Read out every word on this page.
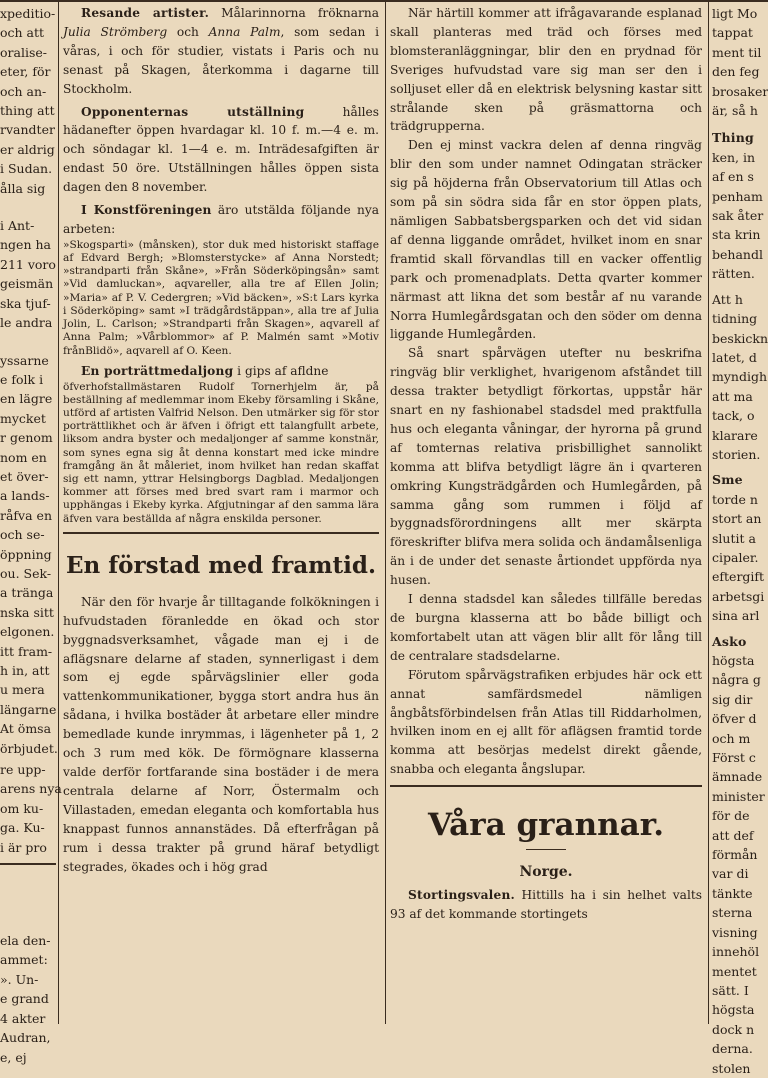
xpeditio-

och att

oralise-

eter, för

och an-

thing att

rvandter

er aldrig

i Sudan.

ålla sig

i Ant-

ngen ha

211 voro

geismän

ska tjuf-

le andra

yssarne

e folk i

en lägre

mycket

r genom

nom en

et över-

a lands-

råfva en

och se-

öppning

ou. Sek-

a tränga

nska sitt

elgonen.

itt fram-

h in, att

u mera

längarne

At ömsa

örbjudet.

re upp-

arens nya

om ku-

ga. Ku-

i är pro

ela den-

ammet:

». Un-

e grand

4 akter

Audran,

e, ej

Resande artister. Målarinnorna fröknarna Julia Strömberg och Anna Palm, som sedan i våras, i och för studier, vistats i Paris och nu senast på Skagen, återkomma i dagarne till Stockholm.

Opponenternas utställning hålles hädanefter öppen hvardagar kl. 10 f. m.—4 e. m. och söndagar kl. 1—4 e. m. Inträdesafgiften är endast 50 öre. Utställningen hålles öppen sista dagen den 8 november.

I Konstföreningen äro utstälda följande nya arbeten:

»Skogsparti» (månsken), stor duk med historiskt staffage af Edvard Bergh; »Blomsterstycke» af Anna Norstedt; »strandparti från Skåne», »Från Söderköpingsån» samt »Vid damluckan», aqvareller, alla tre af Ellen Jolin; »Maria» af P. V. Cedergren; »Vid bäcken», »S:t Lars kyrka i Söderköping» samt »I trädgårdstäppan», alla tre af Julia Jolin, L. Carlson; »Strandparti från Skagen», aqvarell af Anna Palm; »Vårblommor» af P. Malmén samt »Motiv frånBlidö», aqvarell af O. Keen.

En porträttmedaljong i gips af afldne

öfverhofstallmästaren Rudolf Tornerhjelm är, på beställning af medlemmar inom Ekeby församling i Skåne, utförd af artisten Valfrid Nelson. Den utmärker sig för stor porträttlikhet och är äfven i öfrigt ett talangfullt arbete, liksom andra byster och medaljonger af samme konstnär, som synes egna sig åt denna konstart med icke mindre framgång än åt måleriet, inom hvilket han redan skaffat sig ett namn, yttrar Helsingborgs Dagblad. Medaljongen kommer att förses med bred svart ram i marmor och upphängas i Ekeby kyrka. Afgjutningar af den samma lära äfven vara beställda af några enskilda personer.

En förstad med framtid.

När den för hvarje år tilltagande folkökningen i hufvudstaden föranledde en ökad och stor byggnadsverksamhet, vågade man ej i de aflägsnare delarne af staden, synnerligast i dem som ej egde spårvägslinier eller goda vattenkommunikationer, bygga stort andra hus än sådana, i hvilka bostäder åt arbetare eller mindre bemedlade kunde inrymmas, i lägenheter på 1, 2 och 3 rum med kök. De förmögnare klasserna valde derför fortfarande sina bostäder i de mera centrala delarne af Norr, Östermalm och Villastaden, emedan eleganta och komfortabla hus knappast funnos annanstädes. Då efterfrågan på rum i dessa trakter på grund häraf betydligt stegrades, ökades och i hög grad

När härtill kommer att ifrågavarande esplanad skall planteras med träd och förses med blomsteranläggningar, blir den en prydnad för Sveriges hufvudstad vare sig man ser den i solljuset eller då en elektrisk belysning kastar sitt strålande sken på gräsmattorna och trädgrupperna.

Den ej minst vackra delen af denna ringväg blir den som under namnet Odingatan sträcker sig på höjderna från Observatorium till Atlas och som på sin södra sida får en stor öppen plats, nämligen Sabbatsbergsparken och det vid sidan af denna liggande området, hvilket inom en snar framtid skall förvandlas till en vacker offentlig park och promenadplats. Detta qvarter kommer närmast att likna det som består af nu varande Norra Humlegårdsgatan och den söder om denna liggande Humlegården.

Så snart spårvägen utefter nu beskrifna ringväg blir verklighet, hvarigenom afståndet till dessa trakter betydligt förkortas, uppstår här snart en ny fashionabel stadsdel med praktfulla hus och eleganta våningar, der hyrorna på grund af tomternas relativa prisbillighet sannolikt komma att blifva betydligt lägre än i qvarteren omkring Kungsträdgården och Humlegården, på samma gång som rummen i följd af byggnadsförordningens allt mer skärpta föreskrifter blifva mera solida och ändamålsenliga än i de under det senaste årtiondet uppförda nya husen.

I denna stadsdel kan således tillfälle beredas de burgna klasserna att bo både billigt och komfortabelt utan att vägen blir allt för lång till de centralare stadsdelarne.

Förutom spårvägstrafiken erbjudes här ock ett annat samfärdsmedel nämligen ångbåtsförbindelsen från Atlas till Riddarholmen, hvilken inom en ej allt för aflägsen framtid torde komma att besörjas medelst direkt gående, snabba och eleganta ångslupar.

Våra grannar.
Norge.

Stortingsvalen. Hittills ha i sin helhet valts 93 af det kommande stortingets

ligt Mo

tappat

ment til

den feg

brosaker

är, så h

Thing

ken, in

af en s

penham

sak åter

sta krin

behandl

rätten.

Att h

tidning

beskickn

latet, d

myndigh

att ma

tack, o

klarare

storien.

Sme

torde n

stort an

slutit a

cipaler.

eftergift

arbetsgi

sina arl

Asko

högsta

några g

sig dir

öfver d

och m

Först c

ämnade

minister

för de

att def

förmån

var di

tänkte

sterna

visning

innehöl

mentet

sätt. I

högsta

dock n

derna.

stolen
